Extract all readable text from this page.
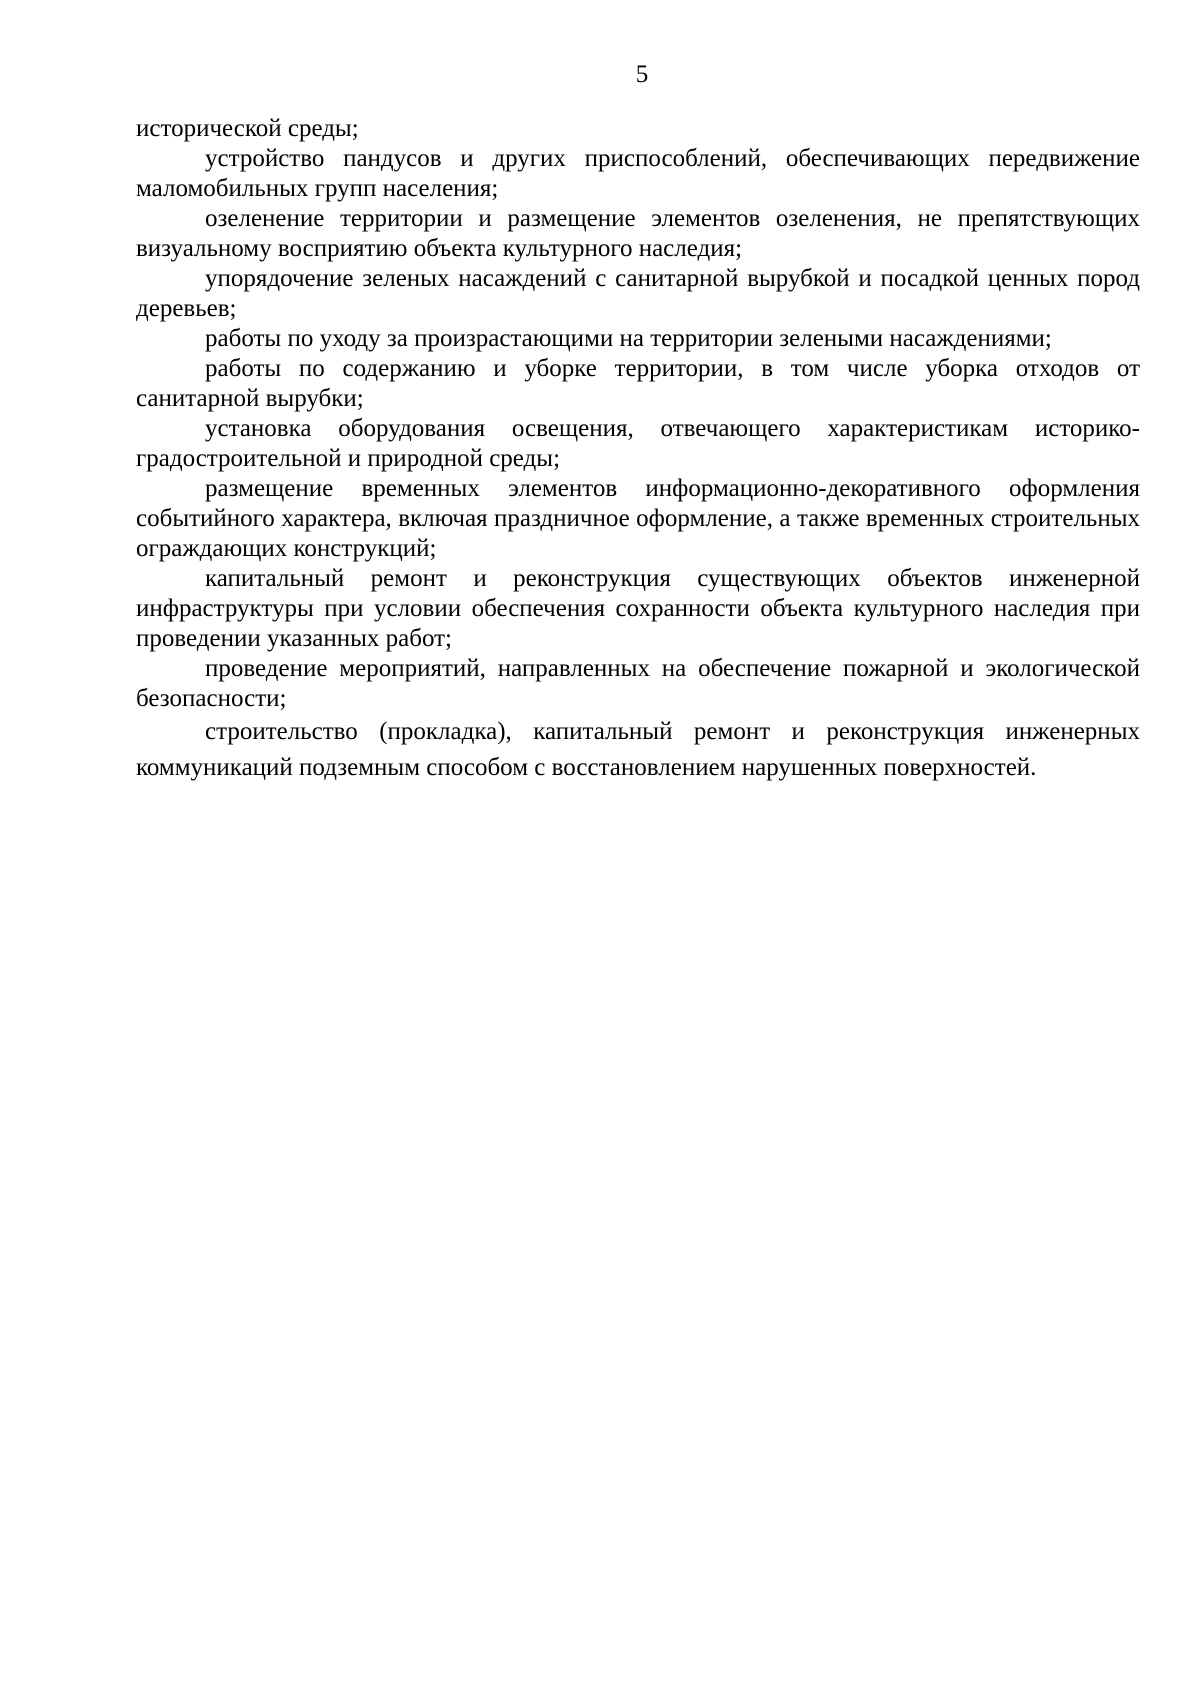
5

исторической среды;

устройство пандусов и других приспособлений, обеспечивающих передвижение маломобильных групп населения;

озеленение территории и размещение элементов озеленения, не препятствующих визуальному восприятию объекта культурного наследия;

упорядочение зеленых насаждений с санитарной вырубкой и посадкой ценных пород деревьев;

работы по уходу за произрастающими на территории зелеными насаждениями;

работы по содержанию и уборке территории, в том числе уборка отходов от санитарной вырубки;

установка оборудования освещения, отвечающего характеристикам историко-градостроительной и природной среды;

размещение временных элементов информационно-декоративного оформления событийного характера, включая праздничное оформление, а также временных строительных ограждающих конструкций;

капитальный ремонт и реконструкция существующих объектов инженерной инфраструктуры при условии обеспечения сохранности объекта культурного наследия при проведении указанных работ;

проведение мероприятий, направленных на обеспечение пожарной и экологической безопасности;

строительство (прокладка), капитальный ремонт и реконструкция инженерных коммуникаций подземным способом с восстановлением нарушенных поверхностей.
